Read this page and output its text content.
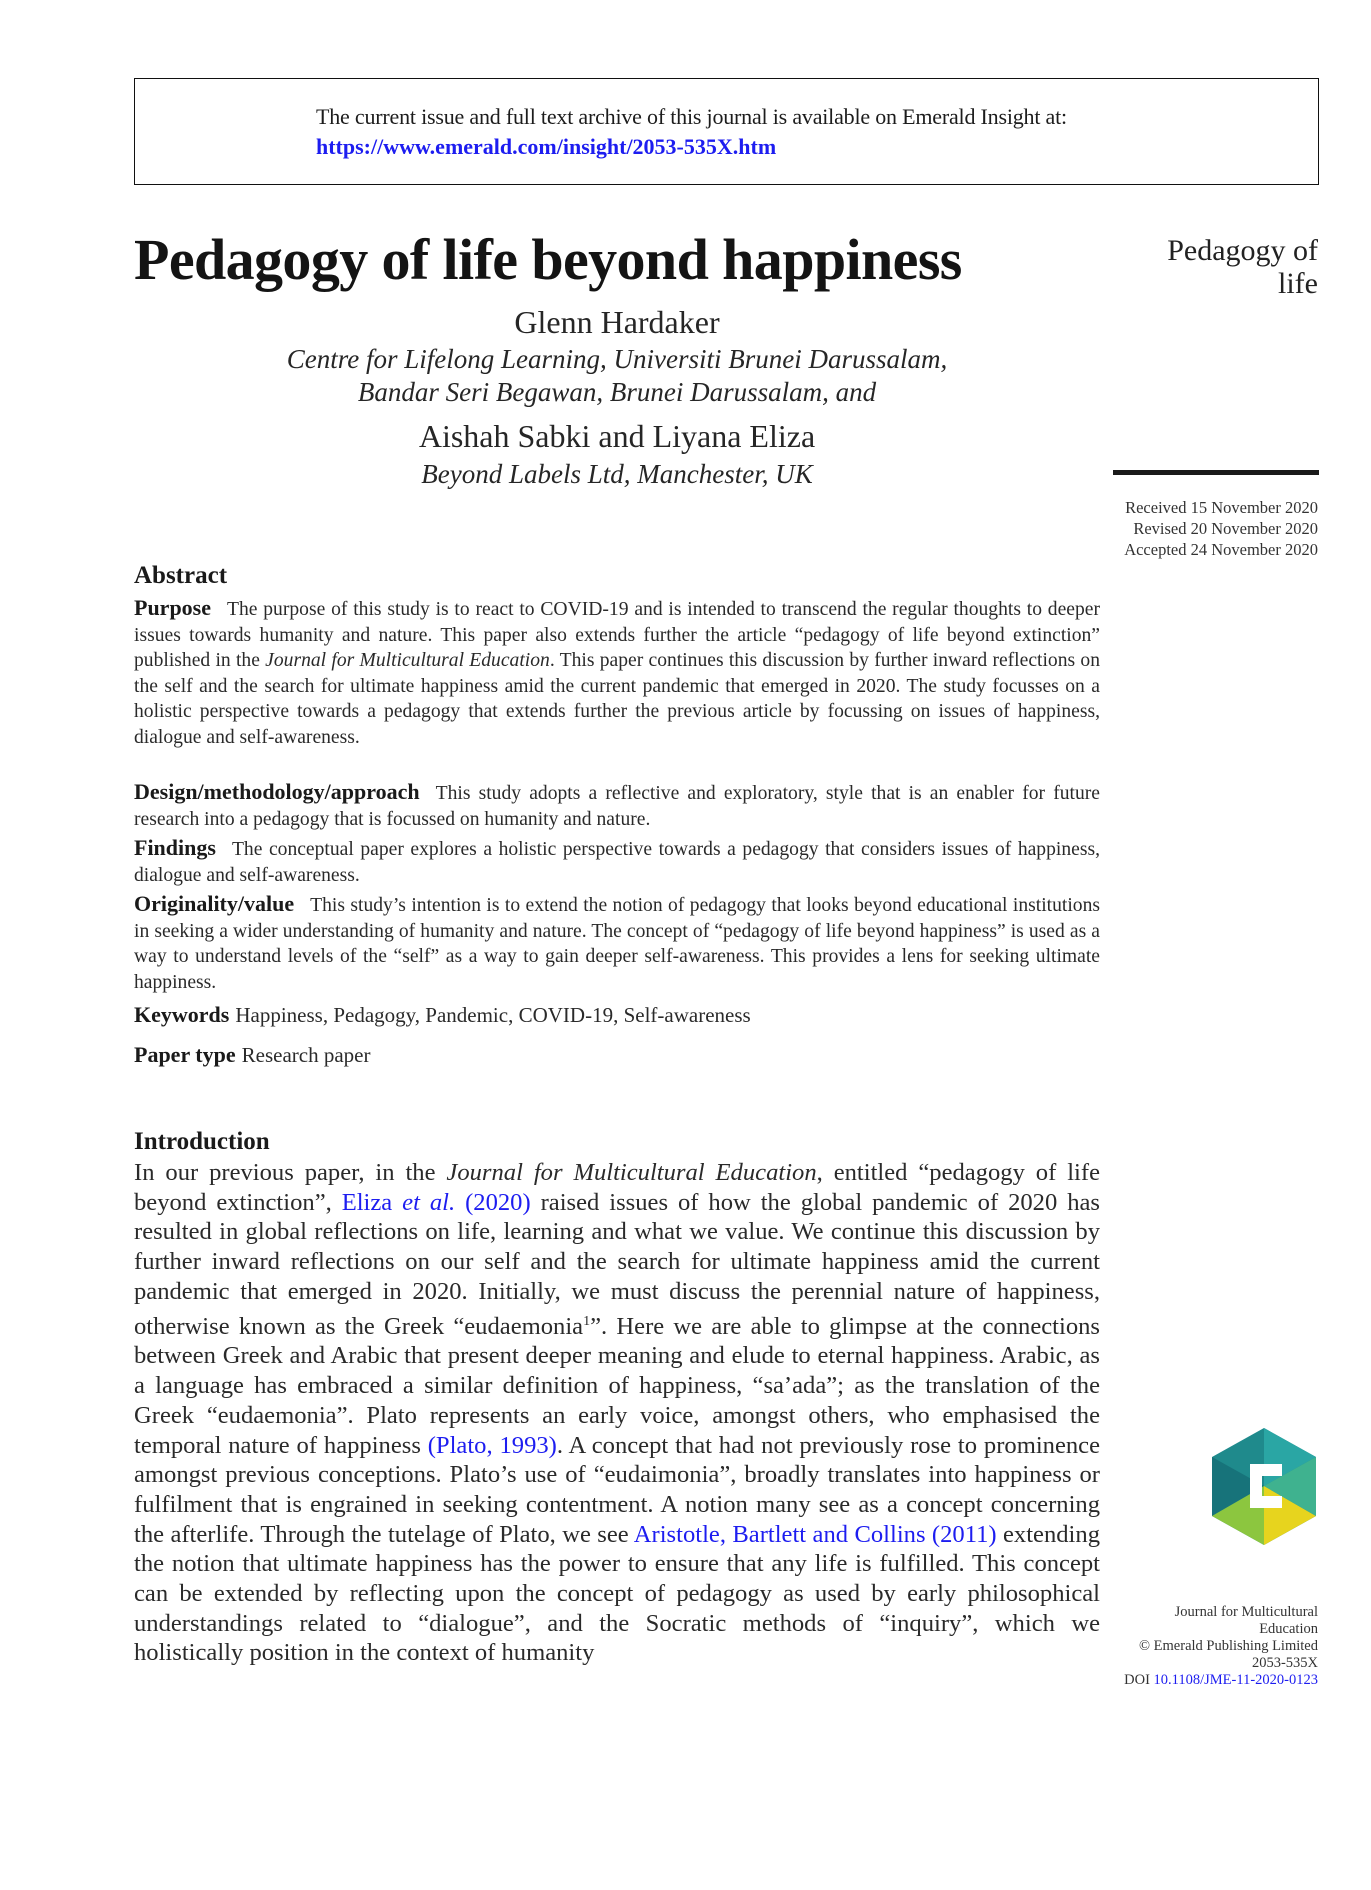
The current issue and full text archive of this journal is available on Emerald Insight at:
https://www.emerald.com/insight/2053-535X.htm
Pedagogy of life beyond happiness	Pedagogy of
life
Glenn Hardaker
Centre for Lifelong Learning, Universiti Brunei Darussalam,
Bandar Seri Begawan, Brunei Darussalam, and
Aishah Sabki and Liyana Eliza
Beyond Labels Ltd, Manchester, UK
Received 15 November 2020
Revised 20 November 2020
Accepted 24 November 2020
Abstract
Purpose The purpose of this study is to react to COVID-19 and is intended to transcend the regular thoughts to deeper issues towards humanity and nature. This paper also extends further the article “pedagogy of life beyond extinction” published in the Journal for Multicultural Education. This paper continues this discussion by further inward reflections on the self and the search for ultimate happiness amid the current pandemic that emerged in 2020. The study focusses on a holistic perspective towards a pedagogy that extends further the previous article by focussing on issues of happiness, dialogue and self-awareness.
Design/methodology/approach This study adopts a reflective and exploratory, style that is an enabler for future research into a pedagogy that is focussed on humanity and nature.
Findings The conceptual paper explores a holistic perspective towards a pedagogy that considers issues of happiness, dialogue and self-awareness.
Originality/value This study’s intention is to extend the notion of pedagogy that looks beyond educational institutions in seeking a wider understanding of humanity and nature. The concept of “pedagogy of life beyond happiness” is used as a way to understand levels of the “self” as a way to gain deeper self-awareness. This provides a lens for seeking ultimate happiness.
Keywords Happiness, Pedagogy, Pandemic, COVID-19, Self-awareness
Paper type Research paper
Introduction
In our previous paper, in the Journal for Multicultural Education, entitled “pedagogy of life beyond extinction”, Eliza et al. (2020) raised issues of how the global pandemic of 2020 has resulted in global reflections on life, learning and what we value. We continue this discussion by further inward reflections on our self and the search for ultimate happiness amid the current pandemic that emerged in 2020. Initially, we must discuss the perennial nature of happiness, otherwise known as the Greek “eudaemonia$^1$”. Here we are able to glimpse at the connections between Greek and Arabic that present deeper meaning and elude to eternal happiness. Arabic, as a language has embraced a similar definition of happiness, “sa’ada”; as the translation of the Greek “eudaemonia”. Plato represents an early voice, amongst others, who emphasised the temporal nature of happiness (Plato, 1993). A concept that had not previously rose to prominence amongst previous conceptions. Plato’s use of “eudaimonia”, broadly translates into happiness or fulfilment that is engrained in seeking contentment. A notion many see as a concept concerning the afterlife. Through the tutelage of Plato, we see Aristotle, Bartlett and Collins (2011) extending the notion that ultimate happiness has the power to ensure that any life is fulfilled. This concept can be extended by reflecting upon the concept of pedagogy as used by early philosophical understandings related to “dialogue”, and the Socratic methods of “inquiry”, which we holistically position in the context of humanity
Journal for Multicultural
Education
© Emerald Publishing Limited
2053-535X
DOI 10.1108/JME-11-2020-0123
